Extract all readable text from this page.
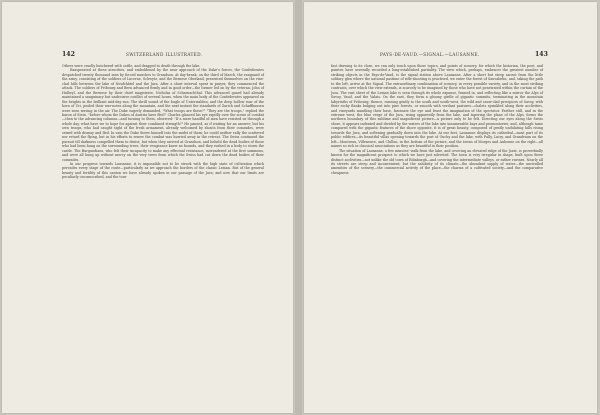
142	SWITZERLAND ILLUSTRATED.

Others were cruelly butchered with cattle, and dragged to death through the lake.

Exasperated at these atrocities, and emboldened by the near approach of the Duke's forces, the Confederates despatched twenty thousand men by forced marches to Grandson. At day-break, on the third of March, the vanguard of the army, consisting of the soldiers of Lucerne, Schwytz, and the Bernese Oberland, presented themselves on the vine-clad hills between the lake of Neufchâtel and the Jura. After a short interval spent in prayer, they commenced the attack. The soldiers of Fribourg and Bern advanced firmly and in good order—the former led on by the veteran, John of Hallwyl, and the Bernese by their chief magistrate, Nicholas of Scharnachthal. This advanced guard had already maintained a sanguinary but undecisive conflict of several hours, when the main body of the Confederates appeared on the heights in the brilliant mid-day sun. The shrill sound of the bugle of Unterwalden, and the deep hollow roar of the horn of Uri, pealed their war-notes along the mountain, and the next instant the standards of Zurich and Schaffhausen were seen waving in the air. The Duke eagerly demanded, "What troops are these?" "They are the troops," replied the baron of Stein, "before whom the Dukes of Austria have fled!" Charles glanced his eye rapidly over the scene of combat—then to the advancing columns—and turning to Stein, observed: "If a mere handful of men have resisted us through a whole day, what have we to hope for against their combined strength?" He paused, as if waiting for an answer; but his own troops, who had caught sight of the fresh armament, already welcomed by shouts from their comrades, were seized with dismay and fled. In vain the Duke threw himself into the midst of them; he could neither rally the scattered nor retard the flying, but in his efforts to renew the combat was hurried away in the retreat. The Swiss continued the pursuit till darkness compelled them to desist; but when they arrived at Grandson, and beheld the dead bodies of those who had been hung on the surrounding trees, their vengeance knew no bounds, and they rushed in a body to storm the castle. The Burgundians, who felt their incapacity to make any effectual resistance, surrendered at the first summons, and were all hung up without mercy on the very trees from which the Swiss had cut down the dead bodies of their comrades.

In our progress towards Lausanne, it is impossible not to be struck with the high state of cultivation which pervades every stage of the route—particularly as we approach the borders of the classic Leman. But of the general beauty and fertility of this canton we have already spoken in our passage of the Jura; and now that our limits are peculiarly circumscribed, and the tour

PAYS-DE-VAUD.—SIGNAL.—LAUSANNE.	143

fast drawing to its close, we can only touch upon those topics, and points of scenery, for which the historian, the poet, and painter, have severally recorded a long-established partiality. The view which, perhaps, embraces the greatest number of striking objects in the Pays-de-Vaud, is the signal station above Lausanne. After a short but steep ascent from the little solitary glen where the national pastime of rifle-shooting is practised, we enter the forest of Sauvabelin, and, taking the path to the left, arrive at the Signal. The extraordinary combination of scenery, in every possible variety, and in the most striking contrasts, over which the view extends, is scarcely to be imagined by those who have not penetrated within the curtain of the Jura. The vast sheet of the Leman lake is seen through its whole expanse, framed in, and reflecting like a mirror the Alps of Savoy, Vaud, and the Valais. On the east, they form a gloomy girdle of gigantic summits, terminating in the mountain labyrinths of Fribourg; thence, running gently to the south and south-west, the wild and snow-clad precipices of Savoy, with their rocky flanks bulging out into pine forests, or smooth with verdant pastures—chalets sprinkled along their acclivities, and vineyards mantling their base, fascinate the eye and feast the imagination of the spectator. Farther still, and in the extreme west, the blue verge of the Jura, rising apparently from the lake, and tapering the plane of the Alps, forms the northern boundary of this sublime and magnificent picture—a picture only to be felt. Directing our eyes along the Swiss shore, it appears indented and divided by the waters of the lake into innumerable bays and promontories; and, although tame compared with the gigantic features of the shore opposite, it is of great beauty, composed of gently undulating hills rising towards the Jura, and softening gradually down into the lake. At our feet, Lausanne displays its cathedral—most part of its public edifices—its beautiful villas opening towards the port of Ouchy and the lake, with Pully, Lutry, and Grandvaux on the left—Montreux, Villeneuve, and Chillon, in the bottom of the picture, and the towns of Morges and Aubonne on the right—all names so rich in classical associations as they are beautiful in their position.

The situation of Lausanne, a few minutes' walk from the lake, and covering an elevated ridge of the Jorat, is proverbially known for the magnificent prospect to which we have just adverted. The town is very irregular in shape, built upon three distinct acclivities—not unlike the old town of Edinburgh—and covering the intermediate valleys, or rather ravines. Nearly all its streets are steep and inconvenient; but the salubrity of its climate—the abundant supply of water—the unrivalled amenities of the scenery—the commercial activity of the place—the charms of a cultivated society—and the comparative cheapness
